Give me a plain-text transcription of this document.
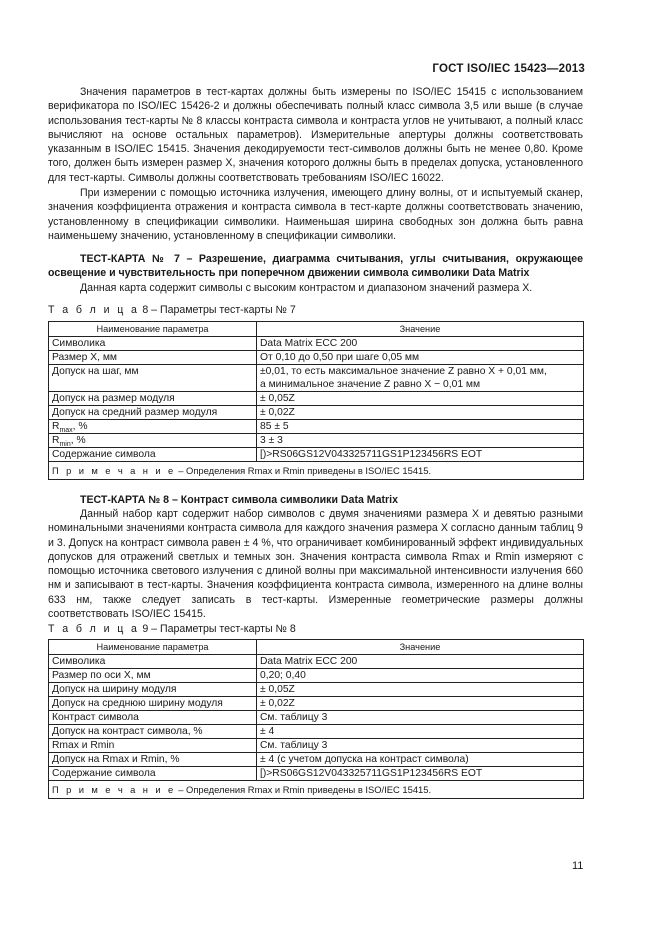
ГОСТ ISO/IEC 15423—2013

Значения параметров в тест-картах должны быть измерены по ISO/IEC 15415 с использованием верификатора по ISO/IEC 15426-2 и должны обеспечивать полный класс символа 3,5 или выше (в случае использования тест-карты № 8 классы контраста символа и контраста углов не учитывают, а полный класс вычисляют на основе остальных параметров). Измерительные апертуры должны соответствовать указанным в ISO/IEC 15415. Значения декодируемости тест-символов должны быть не менее 0,80. Кроме того, должен быть измерен размер X, значения которого должны быть в пределах допуска, установленного для тест-карты. Символы должны соответствовать требованиям ISO/IEC 16022.

При измерении с помощью источника излучения, имеющего длину волны, от и испытуемый сканер, значения коэффициента отражения и контраста символа в тест-карте должны соответствовать значению, установленному в спецификации символики. Наименьшая ширина свободных зон должна быть равна наименьшему значению, установленному в спецификации символики.

ТЕСТ-КАРТА № 7 – Разрешение, диаграмма считывания, углы считывания, окружающее освещение и чувствительность при поперечном движении символа символики Data Matrix

Данная карта содержит символы с высоким контрастом и диапазоном значений размера X.

Т а б л и ц а 8 – Параметры тест-карты № 7
Наименование параметра	Значение
Символика	Data Matrix ECC 200
Размер X, мм	От 0,10 до 0,50 при шаге 0,05 мм
Допуск на шаг, мм	±0,01, то есть максимальное значение Z равно X + 0,01 мм,
а минимальное значение Z равно X − 0,01 мм

Допуск на размер модуля	± 0,05Z
Допуск на средний размер модуля	± 0,02Z
$R_{max}$, %	85 ± 5
$R_{min}$, %	3 ± 3
Содержание символа	[)>RS06GS12V043325711GS1P123456RS EOT
П р и м е ч а н и е – Определения Rmax и Rmin приведены в ISO/IEC 15415.	

ТЕСТ-КАРТА № 8 – Контраст символа символики Data Matrix

Данный набор карт содержит набор символов с двумя значениями размера X и девятью разными номинальными значениями контраста символа для каждого значения размера X согласно данным таблиц 9 и 3. Допуск на контраст символа равен ± 4 %, что ограничивает комбинированный эффект индивидуальных допусков для отражений светлых и темных зон. Значения контраста символа Rmax и Rmin измеряют с помощью источника светового излучения с длиной волны при максимальной интенсивности излучения 660 нм и записывают в тест-карты. Значения коэффициента контраста символа, измеренного на длине волны 633 нм, также следует записать в тест-карты. Измеренные геометрические размеры должны соответствовать ISO/IEC 15415.

Т а б л и ц а 9 – Параметры тест-карты № 8
Наименование параметра	Значение
Символика	Data Matrix ECC 200
Размер по оси X, мм	0,20; 0,40
Допуск на ширину модуля	± 0,05Z
Допуск на среднюю ширину модуля	± 0,02Z
Контраст символа	См. таблицу 3
Допуск на контраст символа, %	± 4
Rmax и Rmin	См. таблицу 3
Допуск на Rmax и Rmin, %	± 4 (с учетом допуска на контраст символа)
Содержание символа	[)>RS06GS12V043325711GS1P123456RS EOT
П р и м е ч а н и е – Определения Rmax и Rmin приведены в ISO/IEC 15415.	
11
